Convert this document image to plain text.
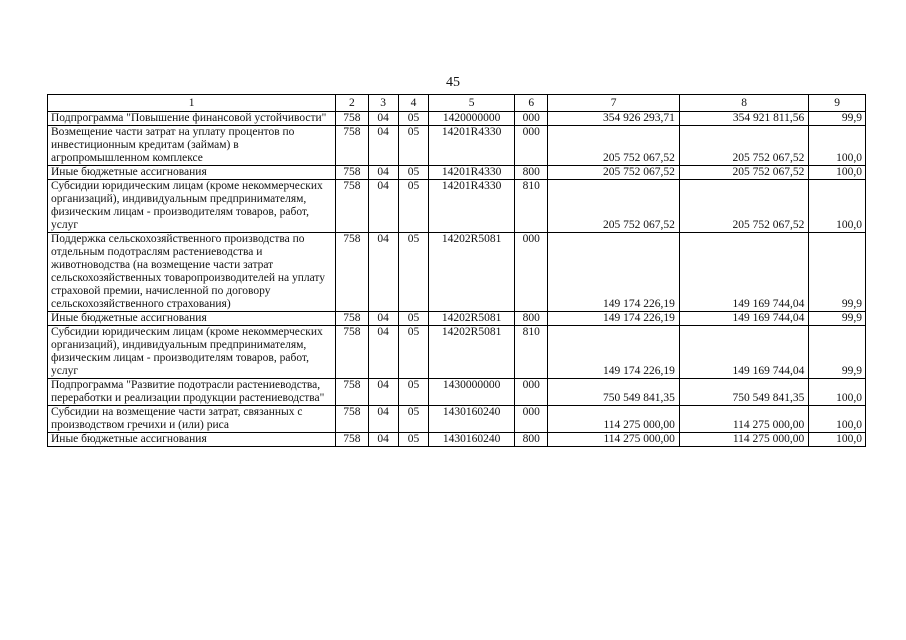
45
1	2	3	4	5	6	7	8	9
Подпрограмма "Повышение финансовой устойчивости"	758	04	05	1420000000	000	354 926 293,71	354 921 811,56	99,9
Возмещение части затрат на уплату процентов по инвестиционным кредитам (займам) в агропромышленном комплексе	758	04	05	14201R4330	000	205 752 067,52	205 752 067,52	100,0
Иные бюджетные ассигнования	758	04	05	14201R4330	800	205 752 067,52	205 752 067,52	100,0
Субсидии юридическим лицам (кроме некоммерческих организаций), индивидуальным предпринимателям, физическим лицам - производителям товаров, работ, услуг	758	04	05	14201R4330	810	205 752 067,52	205 752 067,52	100,0
Поддержка сельскохозяйственного производства по отдельным подотраслям растениеводства и животноводства (на возмещение части затрат сельскохозяйственных товаропроизводителей на уплату страховой премии, начисленной по договору сельскохозяйственного страхования)	758	04	05	14202R5081	000	149 174 226,19	149 169 744,04	99,9
Иные бюджетные ассигнования	758	04	05	14202R5081	800	149 174 226,19	149 169 744,04	99,9
Субсидии юридическим лицам (кроме некоммерческих организаций), индивидуальным предпринимателям, физическим лицам - производителям товаров, работ, услуг	758	04	05	14202R5081	810	149 174 226,19	149 169 744,04	99,9
Подпрограмма "Развитие подотрасли растениеводства, переработки и реализации продукции растениеводства"	758	04	05	1430000000	000	750 549 841,35	750 549 841,35	100,0
Субсидии на возмещение части затрат, связанных с производством гречихи и (или) риса	758	04	05	1430160240	000	114 275 000,00	114 275 000,00	100,0
Иные бюджетные ассигнования	758	04	05	1430160240	800	114 275 000,00	114 275 000,00	100,0
